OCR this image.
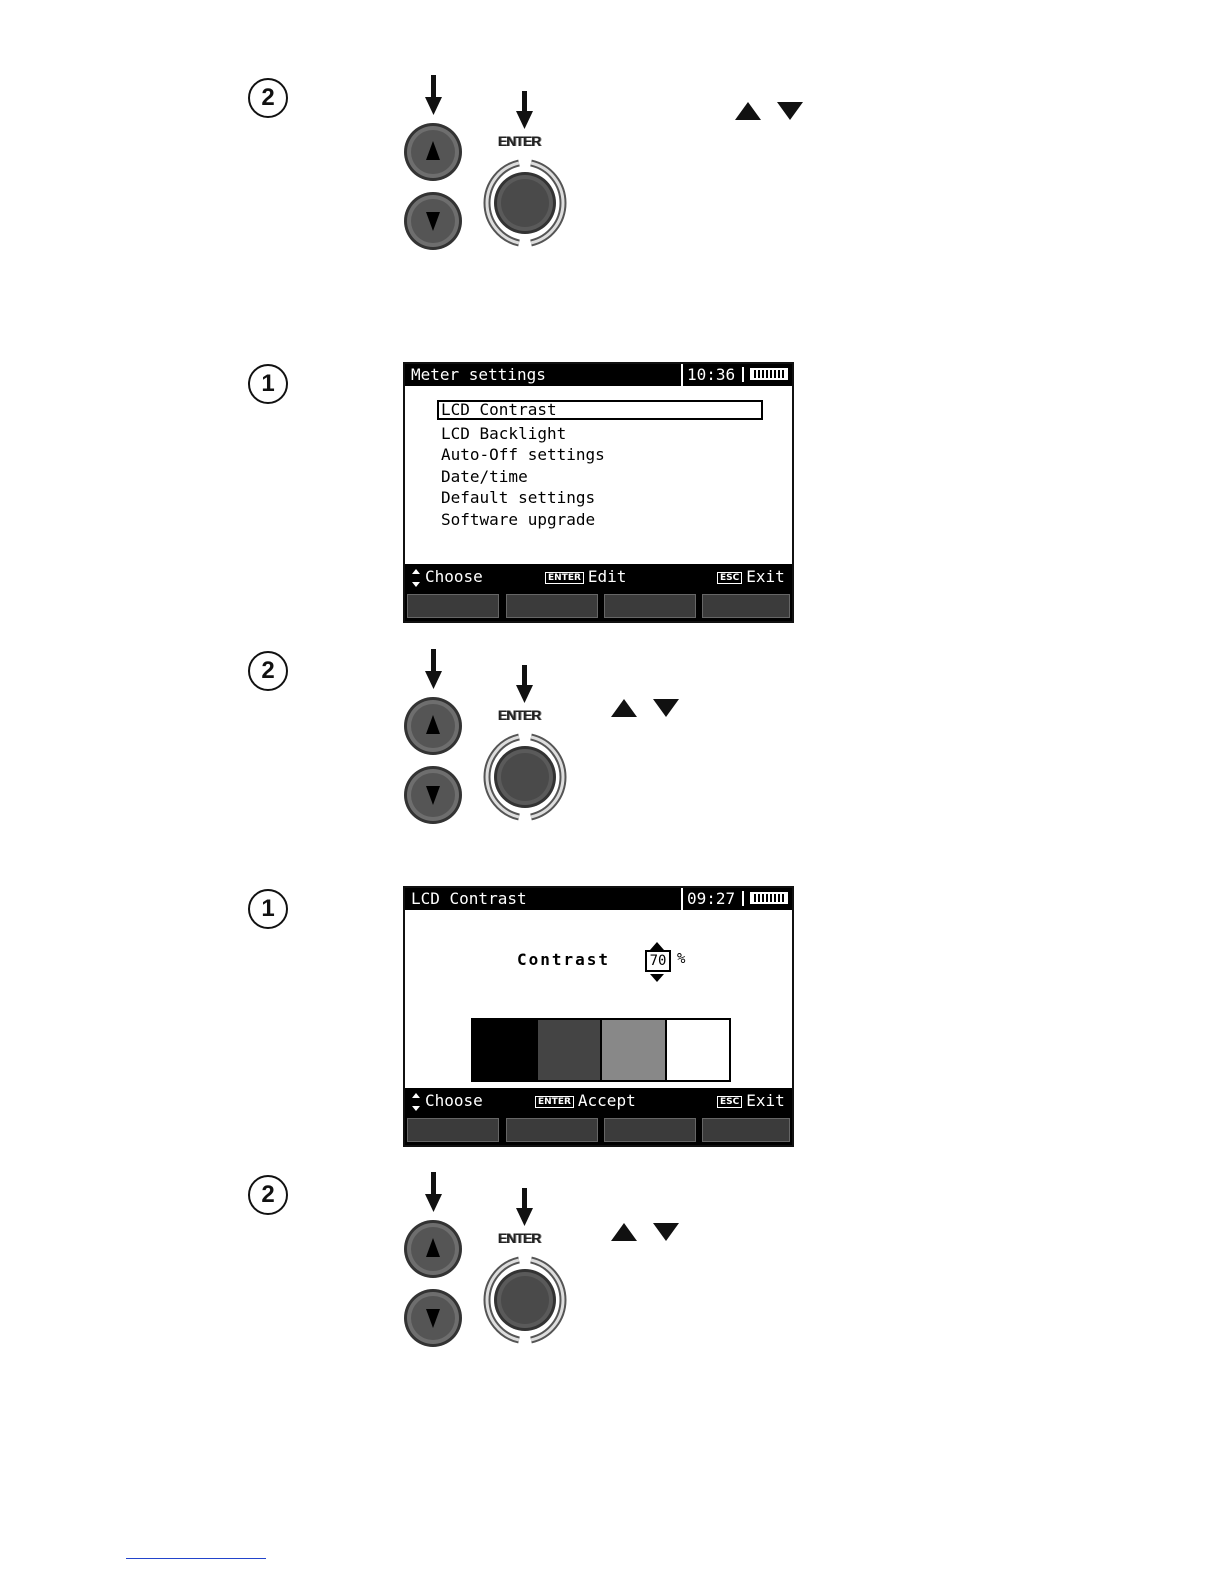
2
ENTER
1	Meter settings	10:36
LCD Contrast
LCD Backlight
Auto-Off settings
Date/time
Default settings
Software upgrade
Choose	ENTER Edit	ESC Exit
2
ENTER
1	LCD Contrast	09:27
Contrast	70 %
Choose	ENTER Accept	ESC Exit
2
ENTER
